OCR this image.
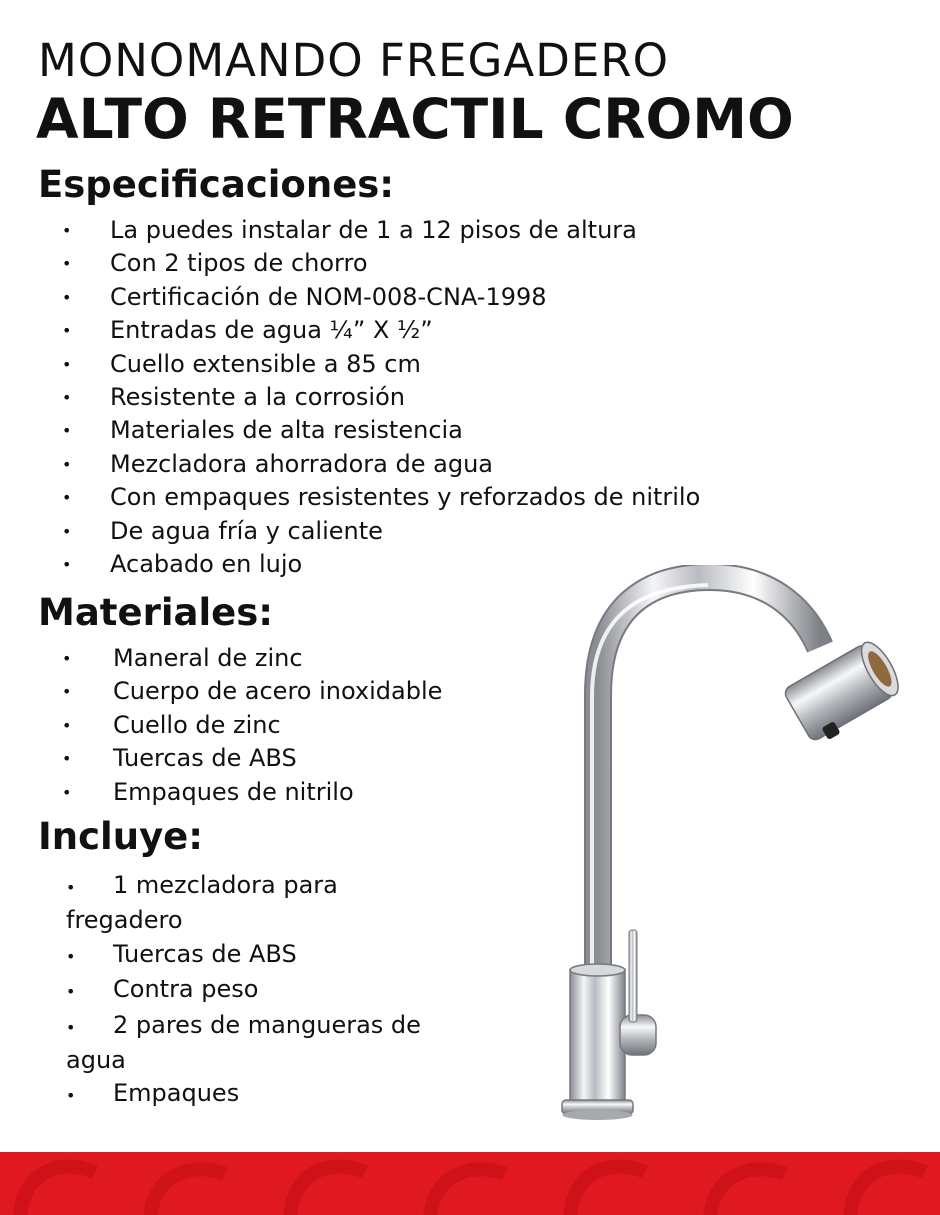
MONOMANDO FREGADERO
ALTO RETRACTIL CROMO
Especificaciones:
• La puedes instalar de 1 a 12 pisos de altura
• Con 2 tipos de chorro
• Certificación de NOM-008-CNA-1998
• Entradas de agua ¼” X ½”
• Cuello extensible a 85 cm
• Resistente a la corrosión
• Materiales de alta resistencia
• Mezcladora ahorradora de agua
• Con empaques resistentes y reforzados de nitrilo
• De agua fría y caliente
• Acabado en lujo
Materiales:
• Maneral de zinc
• Cuerpo de acero inoxidable
• Cuello de zinc
• Tuercas de ABS
• Empaques de nitrilo
Incluye:
• 1 mezcladora para fregadero
• Tuercas de ABS
• Contra peso
• 2 pares de mangueras de agua
• Empaques
